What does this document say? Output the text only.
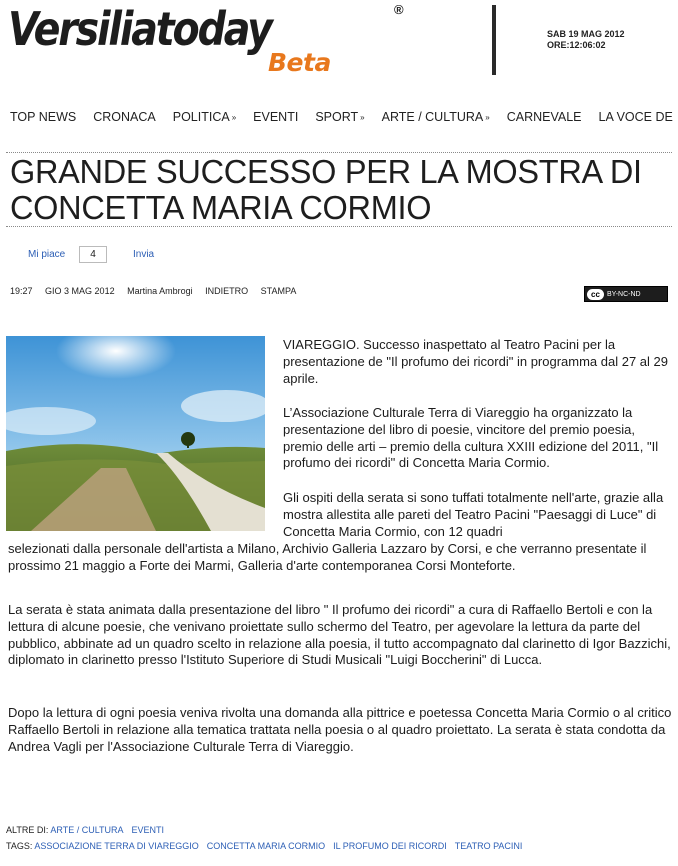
Versiliatoday	®
Beta
SAB 19 MAG 2012
ORE:12:06:02
TOP NEWS CRONACA POLITICA » EVENTI SPORT » ARTE / CULTURA » CARNEVALE LA VOCE DE
GRANDE SUCCESSO PER LA MOSTRA DI CONCETTA MARIA CORMIO
Mi piace	4	Invia
19:27 GIO 3 MAG 2012 Martina Ambrogi INDIETRO STAMPA	cc	BY-NC-ND
VIAREGGIO. Successo inaspettato al Teatro Pacini per la presentazione de "Il profumo dei ricordi" in programma dal 27 al 29 aprile.
L’Associazione Culturale Terra di Viareggio ha organizzato la presentazione del libro di poesie, vincitore del premio poesia, premio delle arti – premio della cultura XXIII edizione del 2011, "Il profumo dei ricordi" di Concetta Maria Cormio.
Gli ospiti della serata si sono tuffati totalmente nell'arte, grazie alla mostra allestita alle pareti del Teatro Pacini "Paesaggi di Luce" di Concetta Maria Cormio, con 12 quadri
selezionati dalla personale dell'artista a Milano, Archivio Galleria Lazzaro by Corsi, e che verranno presentate il prossimo 21 maggio a Forte dei Marmi, Galleria d'arte contemporanea Corsi Monteforte.
La serata è stata animata dalla presentazione del libro " Il profumo dei ricordi" a cura di Raffaello Bertoli e con la lettura di alcune poesie, che venivano proiettate sullo schermo del Teatro, per agevolare la lettura da parte del pubblico, abbinate ad un quadro scelto in relazione alla poesia, il tutto accompagnato dal clarinetto di Igor Bazzichi, diplomato in clarinetto presso l'Istituto Superiore di Studi Musicali "Luigi Boccherini" di Lucca.
Dopo la lettura di ogni poesia veniva rivolta una domanda alla pittrice e poetessa Concetta Maria Cormio o al critico Raffaello Bertoli in relazione alla tematica trattata nella poesia o al quadro proiettato. La serata è stata condotta da Andrea Vagli per l'Associazione Culturale Terra di Viareggio.
ALTRE DI: ARTE / CULTURA EVENTI
TAGS: ASSOCIAZIONE TERRA DI VIAREGGIO CONCETTA MARIA CORMIO IL PROFUMO DEI RICORDI TEATRO PACINI
